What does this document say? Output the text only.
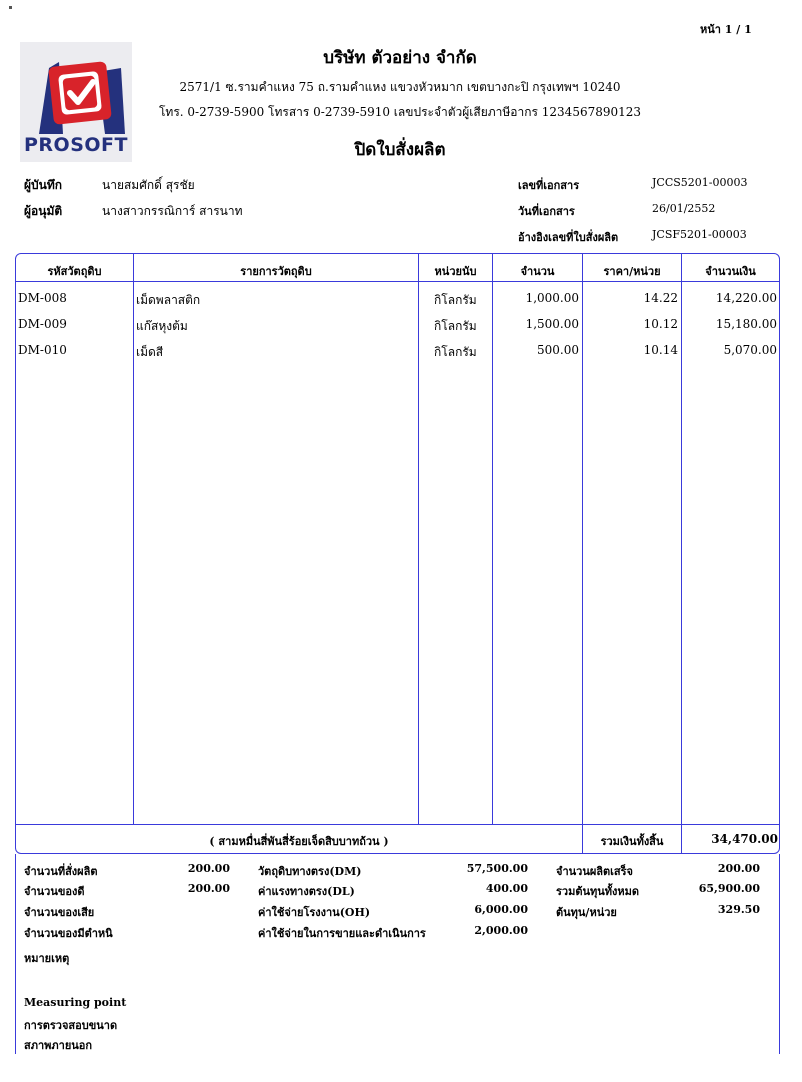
หน้า 1 / 1
PROSOFT
บริษัท ตัวอย่าง จำกัด
2571/1 ซ.รามคำแหง 75 ถ.รามคำแหง แขวงหัวหมาก เขตบางกะปิ กรุงเทพฯ 10240
โทร. 0-2739-5900 โทรสาร 0-2739-5910 เลขประจำตัวผู้เสียภาษีอากร 1234567890123
ปิดใบสั่งผลิต
ผู้บันทึก	นายสมศักดิ์ สุรชัย
ผู้อนุมัติ	นางสาวกรรณิการ์ สารนาท
เลขที่เอกสาร	JCCS5201-00003
วันที่เอกสาร	26/01/2552
อ้างอิงเลขที่ใบสั่งผลิต	JCSF5201-00003
รหัสวัตถุดิบ	รายการวัตถุดิบ	หน่วยนับ	จำนวน	ราคา/หน่วย	จำนวนเงิน
DM-008	เม็ดพลาสติก	กิโลกรัม	1,000.00	14.22	14,220.00
DM-009	แก๊สหุงต้ม	กิโลกรัม	1,500.00	10.12	15,180.00
DM-010	เม็ดสี	กิโลกรัม	500.00	10.14	5,070.00
( สามหมื่นสี่พันสี่ร้อยเจ็ดสิบบาทถ้วน )	รวมเงินทั้งสิ้น	34,470.00
จำนวนที่สั่งผลิต	200.00
จำนวนของดี	200.00
จำนวนของเสีย
จำนวนของมีตำหนิ
วัตถุดิบทางตรง(DM)	57,500.00
ค่าแรงทางตรง(DL)	400.00
ค่าใช้จ่ายโรงงาน(OH)	6,000.00
ค่าใช้จ่ายในการขายและดำเนินการ	2,000.00
จำนวนผลิตเสร็จ	200.00
รวมต้นทุนทั้งหมด	65,900.00
ต้นทุน/หน่วย	329.50
หมายเหตุ
Measuring point
การตรวจสอบขนาด
สภาพภายนอก
